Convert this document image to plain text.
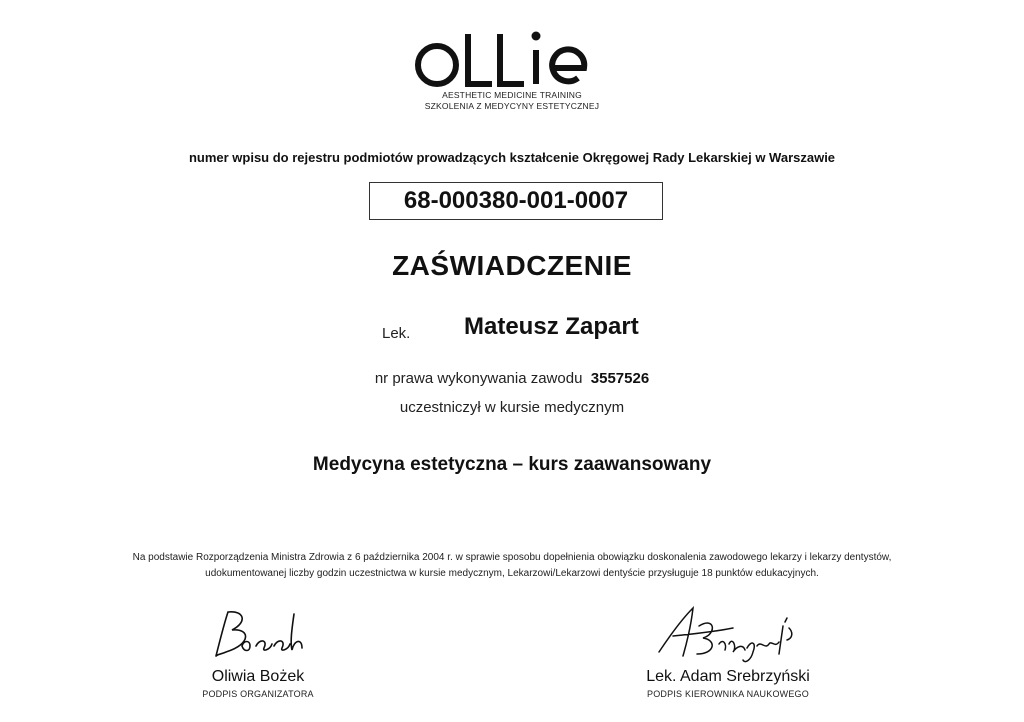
AESTHETIC MEDICINE TRAINING
SZKOLENIA Z MEDYCYNY ESTETYCZNEJ
numer wpisu do rejestru podmiotów prowadzących kształcenie Okręgowej Rady Lekarskiej w Warszawie
68-000380-001-0007
ZAŚWIADCZENIE
Lek. Mateusz Zapart
nr prawa wykonywania zawodu 3557526
uczestniczył w kursie medycznym
Medycyna estetyczna – kurs zaawansowany
Na podstawie Rozporządzenia Ministra Zdrowia z 6 października 2004 r. w sprawie sposobu dopełnienia obowiązku doskonalenia zawodowego lekarzy i lekarzy dentystów,
udokumentowanej liczby godzin uczestnictwa w kursie medycznym, Lekarzowi/Lekarzowi dentyście przysługuje 18 punktów edukacyjnych.
Oliwia Bożek
PODPIS ORGANIZATORA
Lek. Adam Srebrzyński
PODPIS KIEROWNIKA NAUKOWEGO
